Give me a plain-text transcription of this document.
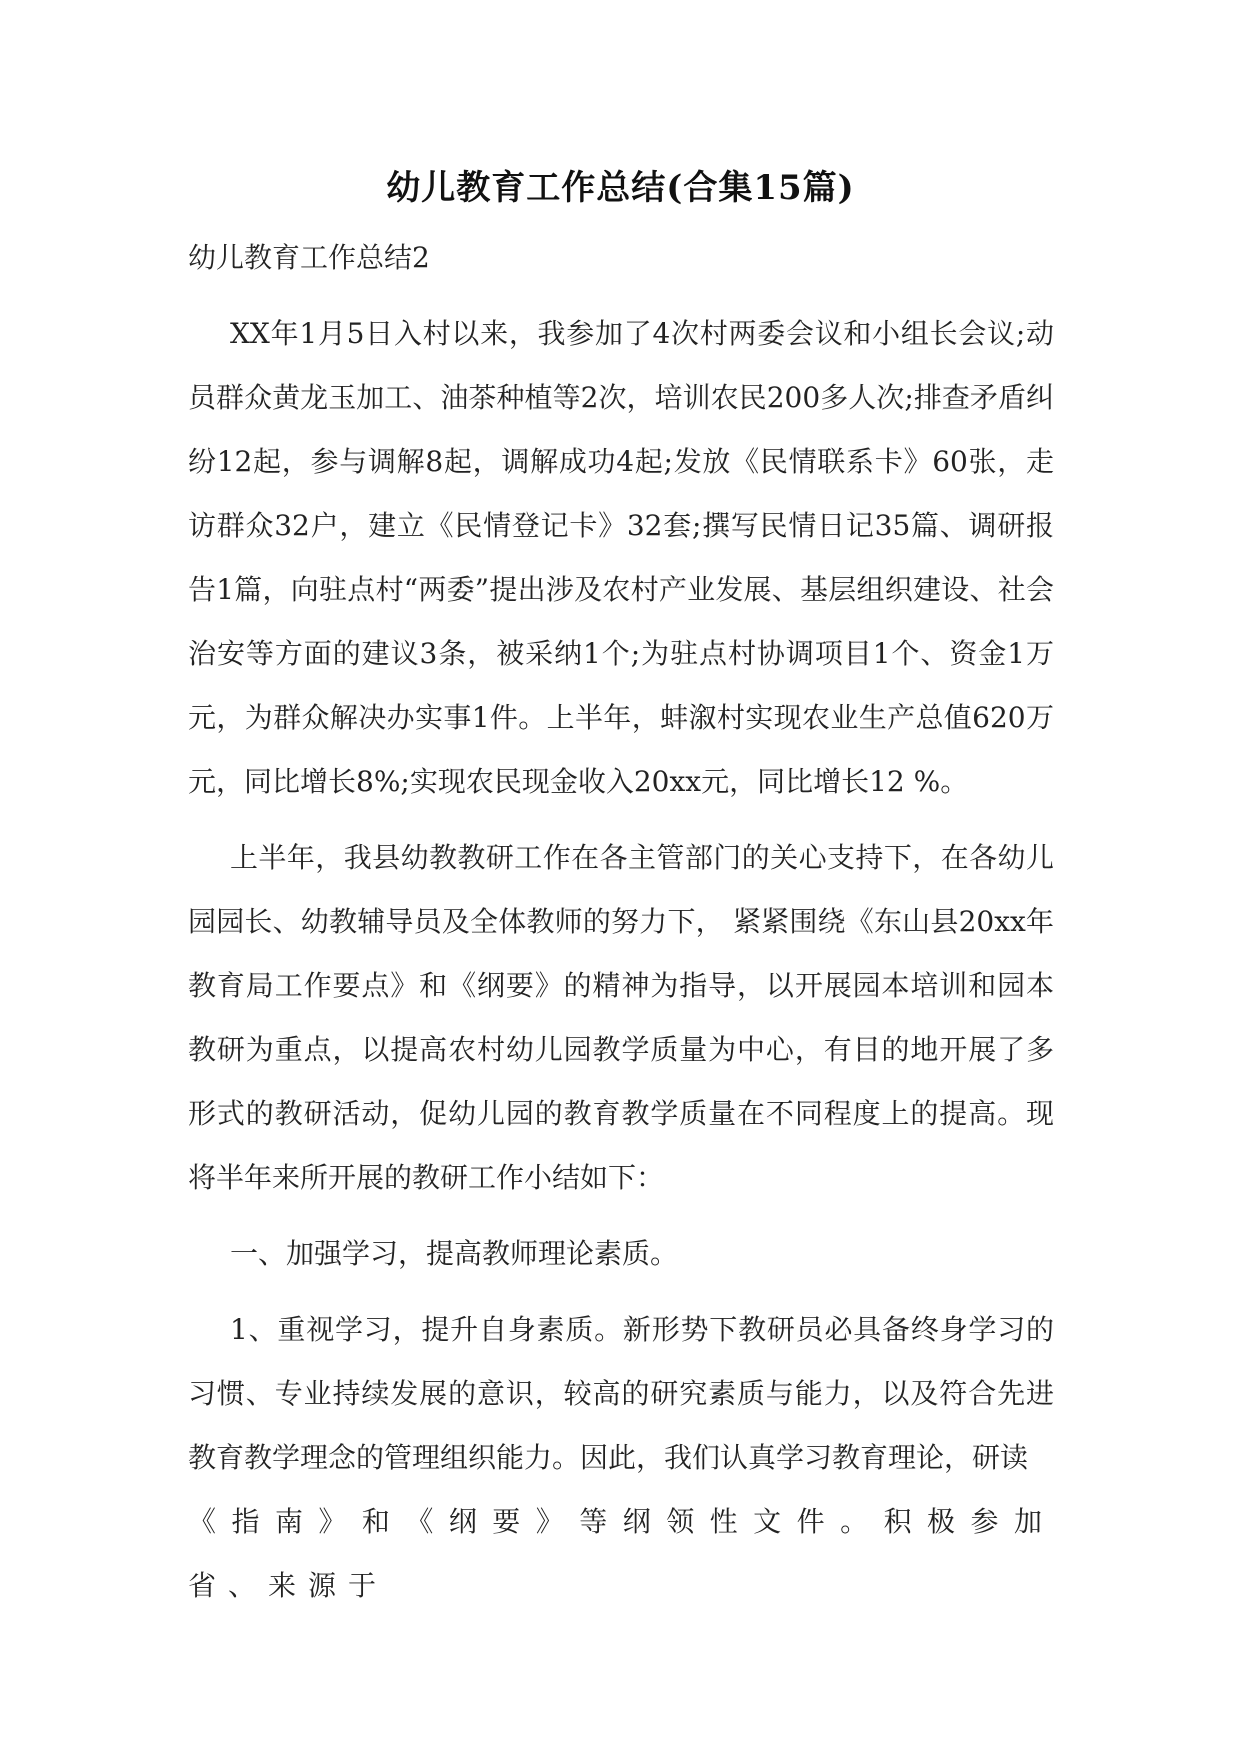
幼儿教育工作总结(合集15篇)

幼儿教育工作总结2

XX年1月5日入村以来，我参加了4次村两委会议和小组长会议;动员群众黄龙玉加工、油茶种植等2次，培训农民200多人次;排查矛盾纠纷12起，参与调解8起，调解成功4起;发放《民情联系卡》60张，走访群众32户，建立《民情登记卡》32套;撰写民情日记35篇、调研报告1篇，向驻点村“两委”提出涉及农村产业发展、基层组织建设、社会治安等方面的建议3条，被采纳1个;为驻点村协调项目1个、资金1万元，为群众解决办实事1件。上半年，蚌溆村实现农业生产总值620万元，同比增长8%;实现农民现金收入20xx元，同比增长12 %。

上半年，我县幼教教研工作在各主管部门的关心支持下，在各幼儿园园长、幼教辅导员及全体教师的努力下， 紧紧围绕《东山县20xx年教育局工作要点》和《纲要》的精神为指导，以开展园本培训和园本教研为重点，以提高农村幼儿园教学质量为中心，有目的地开展了多形式的教研活动，促幼儿园的教育教学质量在不同程度上的提高。现将半年来所开展的教研工作小结如下：

一、加强学习，提高教师理论素质。

1、重视学习，提升自身素质。新形势下教研员必具备终身学习的习惯、专业持续发展的意识，较高的研究素质与能力，以及符合先进教育教学理念的管理组织能力。因此，我们认真学习教育理论，研读

《指南》和《纲要》等纲领性文件。积极参加省、来源于
